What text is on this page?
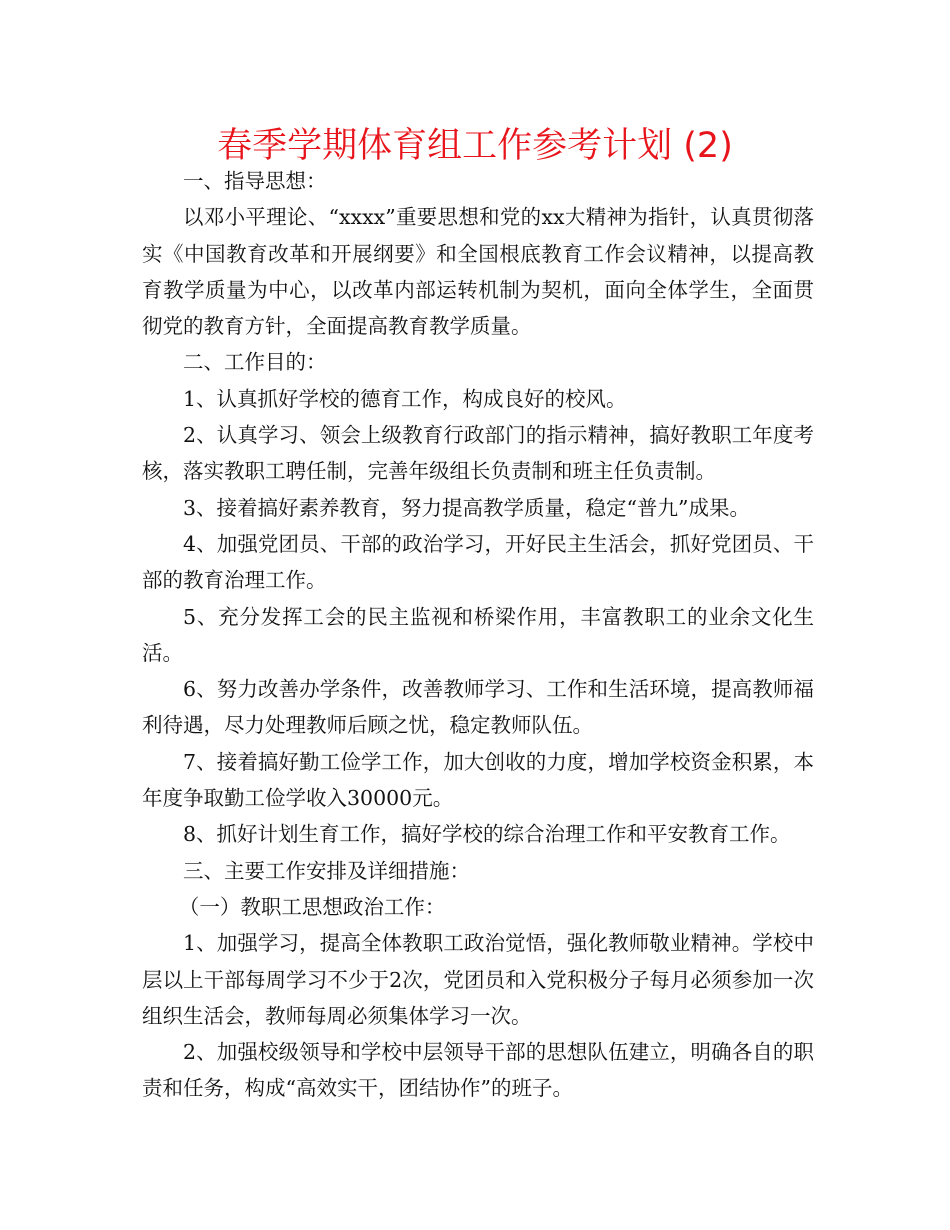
春季学期体育组工作参考计划 (2)

一、指导思想：

以邓小平理论、“xxxx”重要思想和党的xx大精神为指针，认真贯彻落实《中国教育改革和开展纲要》和全国根底教育工作会议精神，以提高教育教学质量为中心，以改革内部运转机制为契机，面向全体学生，全面贯彻党的教育方针，全面提高教育教学质量。

二、工作目的：

1、认真抓好学校的德育工作，构成良好的校风。

2、认真学习、领会上级教育行政部门的指示精神，搞好教职工年度考核，落实教职工聘任制，完善年级组长负责制和班主任负责制。

3、接着搞好素养教育，努力提高教学质量，稳定“普九”成果。

4、加强党团员、干部的政治学习，开好民主生活会，抓好党团员、干部的教育治理工作。

5、充分发挥工会的民主监视和桥梁作用，丰富教职工的业余文化生活。

6、努力改善办学条件，改善教师学习、工作和生活环境，提高教师福利待遇，尽力处理教师后顾之忧，稳定教师队伍。

7、接着搞好勤工俭学工作，加大创收的力度，增加学校资金积累，本年度争取勤工俭学收入30000元。

8、抓好计划生育工作，搞好学校的综合治理工作和平安教育工作。

三、主要工作安排及详细措施：

（一）教职工思想政治工作：

1、加强学习，提高全体教职工政治觉悟，强化教师敬业精神。学校中层以上干部每周学习不少于2次，党团员和入党积极分子每月必须参加一次组织生活会，教师每周必须集体学习一次。

2、加强校级领导和学校中层领导干部的思想队伍建立，明确各自的职责和任务，构成“高效实干，团结协作”的班子。
